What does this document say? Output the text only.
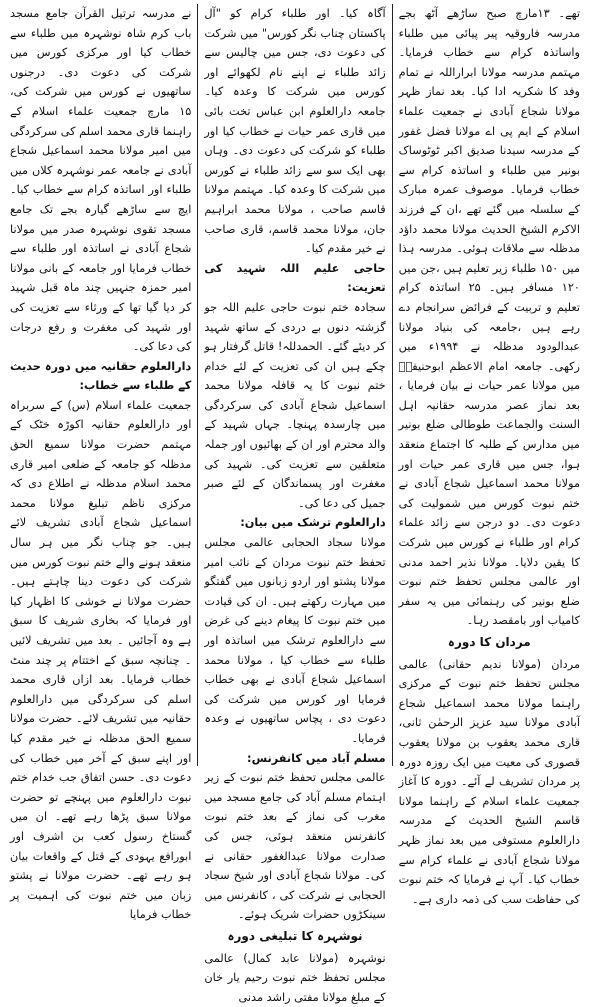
تھے۔ ۱۳مارچ صبح ساڑھے آٹھ بجے مدرسہ فاروقیہ پیر پیائی میں طلباء واساتذہ کرام سے خطاب فرمایا۔ مہتمم مدرسہ مولانا ابراراللہ نے تمام وفد کا شکریہ ادا کیا۔ بعد نماز ظہر مولانا شجاع آبادی نے جمعیت علماء اسلام کے ایم پی اے مولانا فضل غفور کے مدرسہ سیدنا صدیق اکبر ٹوٹوساک بونیر میں طلباء و اساتذہ کرام سے خطاب فرمایا۔ موصوف عمرہ مبارک کے سلسلہ میں گئے تھے ،ان کے فرزند الاکرم الشیخ الحدیث مولانا محمد داؤد مدظلہ سے ملاقات ہوئی۔ مدرسہ ہذا میں ۱۵۰ طلباء زیر تعلیم ہیں ،جن میں ۱۲۰ مسافر ہیں۔ ۲۵ اساتذہ کرام تعلیم و تربیت کے فرائض سرانجام دے رہے ہیں ،جامعہ کی بنیاد مولانا عبدالودود مدظلہ نے ۱۹۹۴ء میں رکھی۔ جامعہ امام الاعظم ابوحنیفہؒ میں مولانا عمر حیات نے بیان فرمایا ، بعد نماز عصر مدرسہ حقانیہ اہل السنت والجماعت طوطالی ضلع بونیر میں مدارس کے طلبہ کا اجتماع منعقد ہوا، جس میں قاری عمر حیات اور مولانا محمد اسماعیل شجاع آبادی نے ختم نبوت کورس میں شمولیت کی دعوت دی۔ دو درجن سے زائد علماء کرام اور طلباء نے کورس میں شرکت کا یقین دلایا۔ مولانا نذیر احمد مدنی اور عالمی مجلس تحفظ ختم نبوت ضلع بونیر کی رہنمائی میں یہ سفر کامیاب اور بامقصد رہا۔

مردان کا دورہ

مردان (مولانا ندیم حقانی) عالمی مجلس تحفظ ختم نبوت کے مرکزی راہنما مولانا محمد اسماعیل شجاع آبادی مولانا سید عزیز الرحمٰن ثانی، قاری محمد یعقوب بن مولانا یعقوب قصوری کی معیت میں ایک روزہ دورہ پر مردان تشریف لے آئے۔ دورہ کا آغاز جمعیت علماء اسلام کے راہنما مولانا قاسم الشیخ الحدیث کے مدرسہ دارالعلوم مستوفی میں بعد نماز ظہر مولانا شجاع آبادی نے علماء کرام سے خطاب کیا۔ آپ نے فرمایا کہ ختم نبوت کی حفاظت سب کی ذمہ داری ہے۔

آگاہ کیا۔ اور طلباء کرام کو "آل پاکستان چناب نگر کورس" میں شرکت کی دعوت دی، جس میں چالیس سے زائد طلباء نے اپنے نام لکھوائے اور کورس میں شرکت کا وعدہ کیا۔ جامعہ دارالعلوم ابن عباس تخت بائی میں قاری عمر حیات نے خطاب کیا اور طلباء کو شرکت کی دعوت دی۔ وہاں بھی ایک سو سے زائد طلباء نے کورس میں شرکت کا وعدہ کیا۔ مہتمم مولانا قاسم صاحب ، مولانا محمد ابراہیم جان، مولانا محمد قاسم، قاری صاحب نے خیر مقدم کیا۔

حاجی علیم اللہ شہید کی تعزیت:

سجادہ ختم نبوت حاجی علیم اللہ جو گزشتہ دنوں بے دردی کے ساتھ شہید کر دیئے گئے۔ الحمدللہ! قاتل گرفتار ہو چکے ہیں ان کی تعزیت کے لئے خدام ختم نبوت کا یہ قافلہ مولانا محمد اسماعیل شجاع آبادی کی سرکردگی میں چارسدہ پہنچا۔ جہاں شہید کے والد محترم اور ان کے بھائیوں اور جملہ متعلقین سے تعزیت کی۔ شہید کی مغفرت اور پسماندگان کے لئے صبر جمیل کی دعا کی۔

دارالعلوم ترشک میں بیان:

مولانا سجاد الحجابی عالمی مجلس تحفظ ختم نبوت مردان کے نائب امیر مولانا پشتو اور اردو زبانوں میں گفتگو میں مہارت رکھتے ہیں۔ ان کی قیادت میں ختم نبوت کا پیغام دینے کی غرض سے دارالعلوم ترشک میں اساتذہ اور طلباء سے خطاب کیا ، مولانا محمد اسماعیل شجاع آبادی نے بھی خطاب فرمایا اور کورس میں شرکت کی دعوت دی ، پچاس ساتھیوں نے وعدہ فرمایا۔

مسلم آباد میں کانفرنس:

عالمی مجلس تحفظ ختم نبوت کے زیر اہتمام مسلم آباد کی جامع مسجد میں مغرب کی نماز کے بعد ختم نبوت کانفرنس منعقد ہوئی، جس کی صدارت مولانا عبدالغفور حقانی نے کی۔ مولانا شجاع آبادی اور شیخ سجاد الحجابی نے شرکت کی ، کانفرنس میں سینکڑوں حضرات شریک ہوئے۔

نوشہرہ کا تبلیغی دورہ

نوشہرہ (مولانا عابد کمال) عالمی مجلس تحفظ ختم نبوت رحیم یار خان کے مبلغ مولانا مفتی راشد مدنی

نے مدرسہ ترتیل القرآن جامع مسجد باب کرم شاہ نوشہرہ میں طلباء سے خطاب کیا اور مرکزی کورس میں شرکت کی دعوت دی۔ درجنوں ساتھیوں نے کورس میں شرکت کی، ۱۵ مارچ جمعیت علماء اسلام کے راہنما قاری محمد اسلم کی سرکردگی میں امیر مولانا محمد اسماعیل شجاع آبادی نے جامعہ عمر نوشہرہ کلاں میں طلباء اور اساتذہ کرام سے خطاب کیا۔ ایچ سے ساڑھے گیارہ بجے تک جامع مسجد تقوی نوشہرہ صدر میں مولانا شجاع آبادی نے اساتذہ اور طلباء سے خطاب فرمایا اور جامعہ کے بانی مولانا امیر حمزہ جنہیں چند ماہ قبل شہید کر دیا گیا تھا کے ورثاء سے تعزیت کی اور شہید کی مغفرت و رفع درجات کی دعا کی۔

دارالعلوم حقانیہ میں دورہ حدیث کے طلباء سے خطاب:

جمعیت علماء اسلام (س) کے سربراہ اور دارالعلوم حقانیہ اکوڑہ خٹک کے مہتمم حضرت مولانا سمیع الحق مدظلہ کو جامعہ کے ضلعی امیر قاری محمد اسلام مدظلہ نے اطلاع دی کہ مرکزی ناظم تبلیغ مولانا محمد اسماعیل شجاع آبادی تشریف لائے ہیں۔ جو چناب نگر میں ہر سال منعقد ہونے والے ختم نبوت کورس میں شرکت کی دعوت دینا چاہتے ہیں۔ حضرت مولانا نے خوشی کا اظہار کیا اور فرمایا کہ بخاری شریف کا سبق ہے وہ آجائیں ۔ بعد میں تشریف لائیں ۔ چنانچہ سبق کے اختتام پر چند منٹ خطاب فرمایا۔ بعد ازاں قاری محمد اسلم کی سرکردگی میں دارالعلوم حقانیہ میں تشریف لائے۔ حضرت مولانا سمیع الحق مدظلہ نے خیر مقدم کیا اور اپنے سبق کے آخر میں خطاب کی دعوت دی۔ حسن اتفاق جب خدام ختم نبوت دارالعلوم میں پہنچے تو حضرت مولانا سبق پڑھا رہے تھے۔ ان میں گستاخ رسول کعب بن اشرف اور ابورافع یہودی کے قتل کے واقعات بیان ہو رہے تھے۔ حضرت مولانا نے پشتو زبان میں ختم نبوت کی اہمیت پر خطاب فرمایا
